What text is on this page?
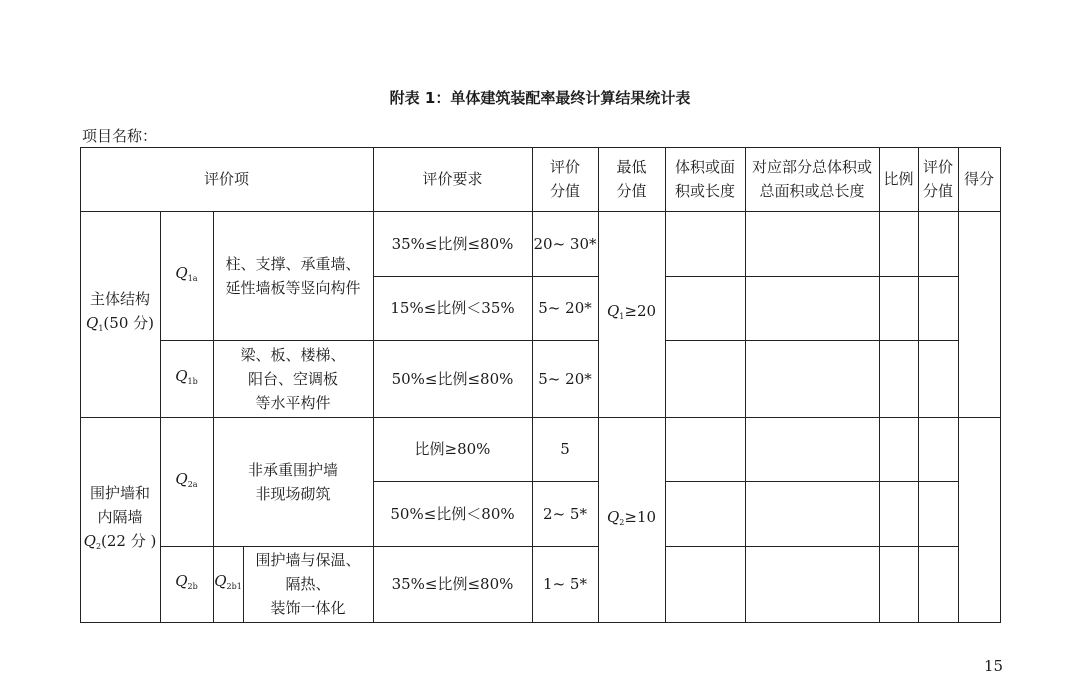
附表 1：单体建筑装配率最终计算结果统计表
项目名称：
评价项	评价要求
评价
分值
最低
分值
体积或面
积或长度
对应部分总体积或
总面积或总长度
比例
评价
分值
得分
主体结构
$Q_1(50$ 分)
$Q_{1a}$
柱、支撑、承重墙、
延性墙板等竖向构件
$Q_{1b}$
梁、板、楼梯、
阳台、空调板
等水平构件
$Q_1\ge 20$
围护墙和
内隔墙
$Q_2(22$ 分 )
$Q_{2a}$
非承重围护墙
非现场砌筑
$Q_{2b}$ $Q_{2b1}$
围护墙与保温、
隔热、
装饰一体化
$Q_2\ge 10$
35%≤比例≤80% 20~ 30*
15%≤比例＜35% 5~ 20*
50%≤比例≤80% 5~ 20*
比例≥80%	5
50%≤比例＜80% 2~ 5*
35%≤比例≤80% 1~ 5*
15
